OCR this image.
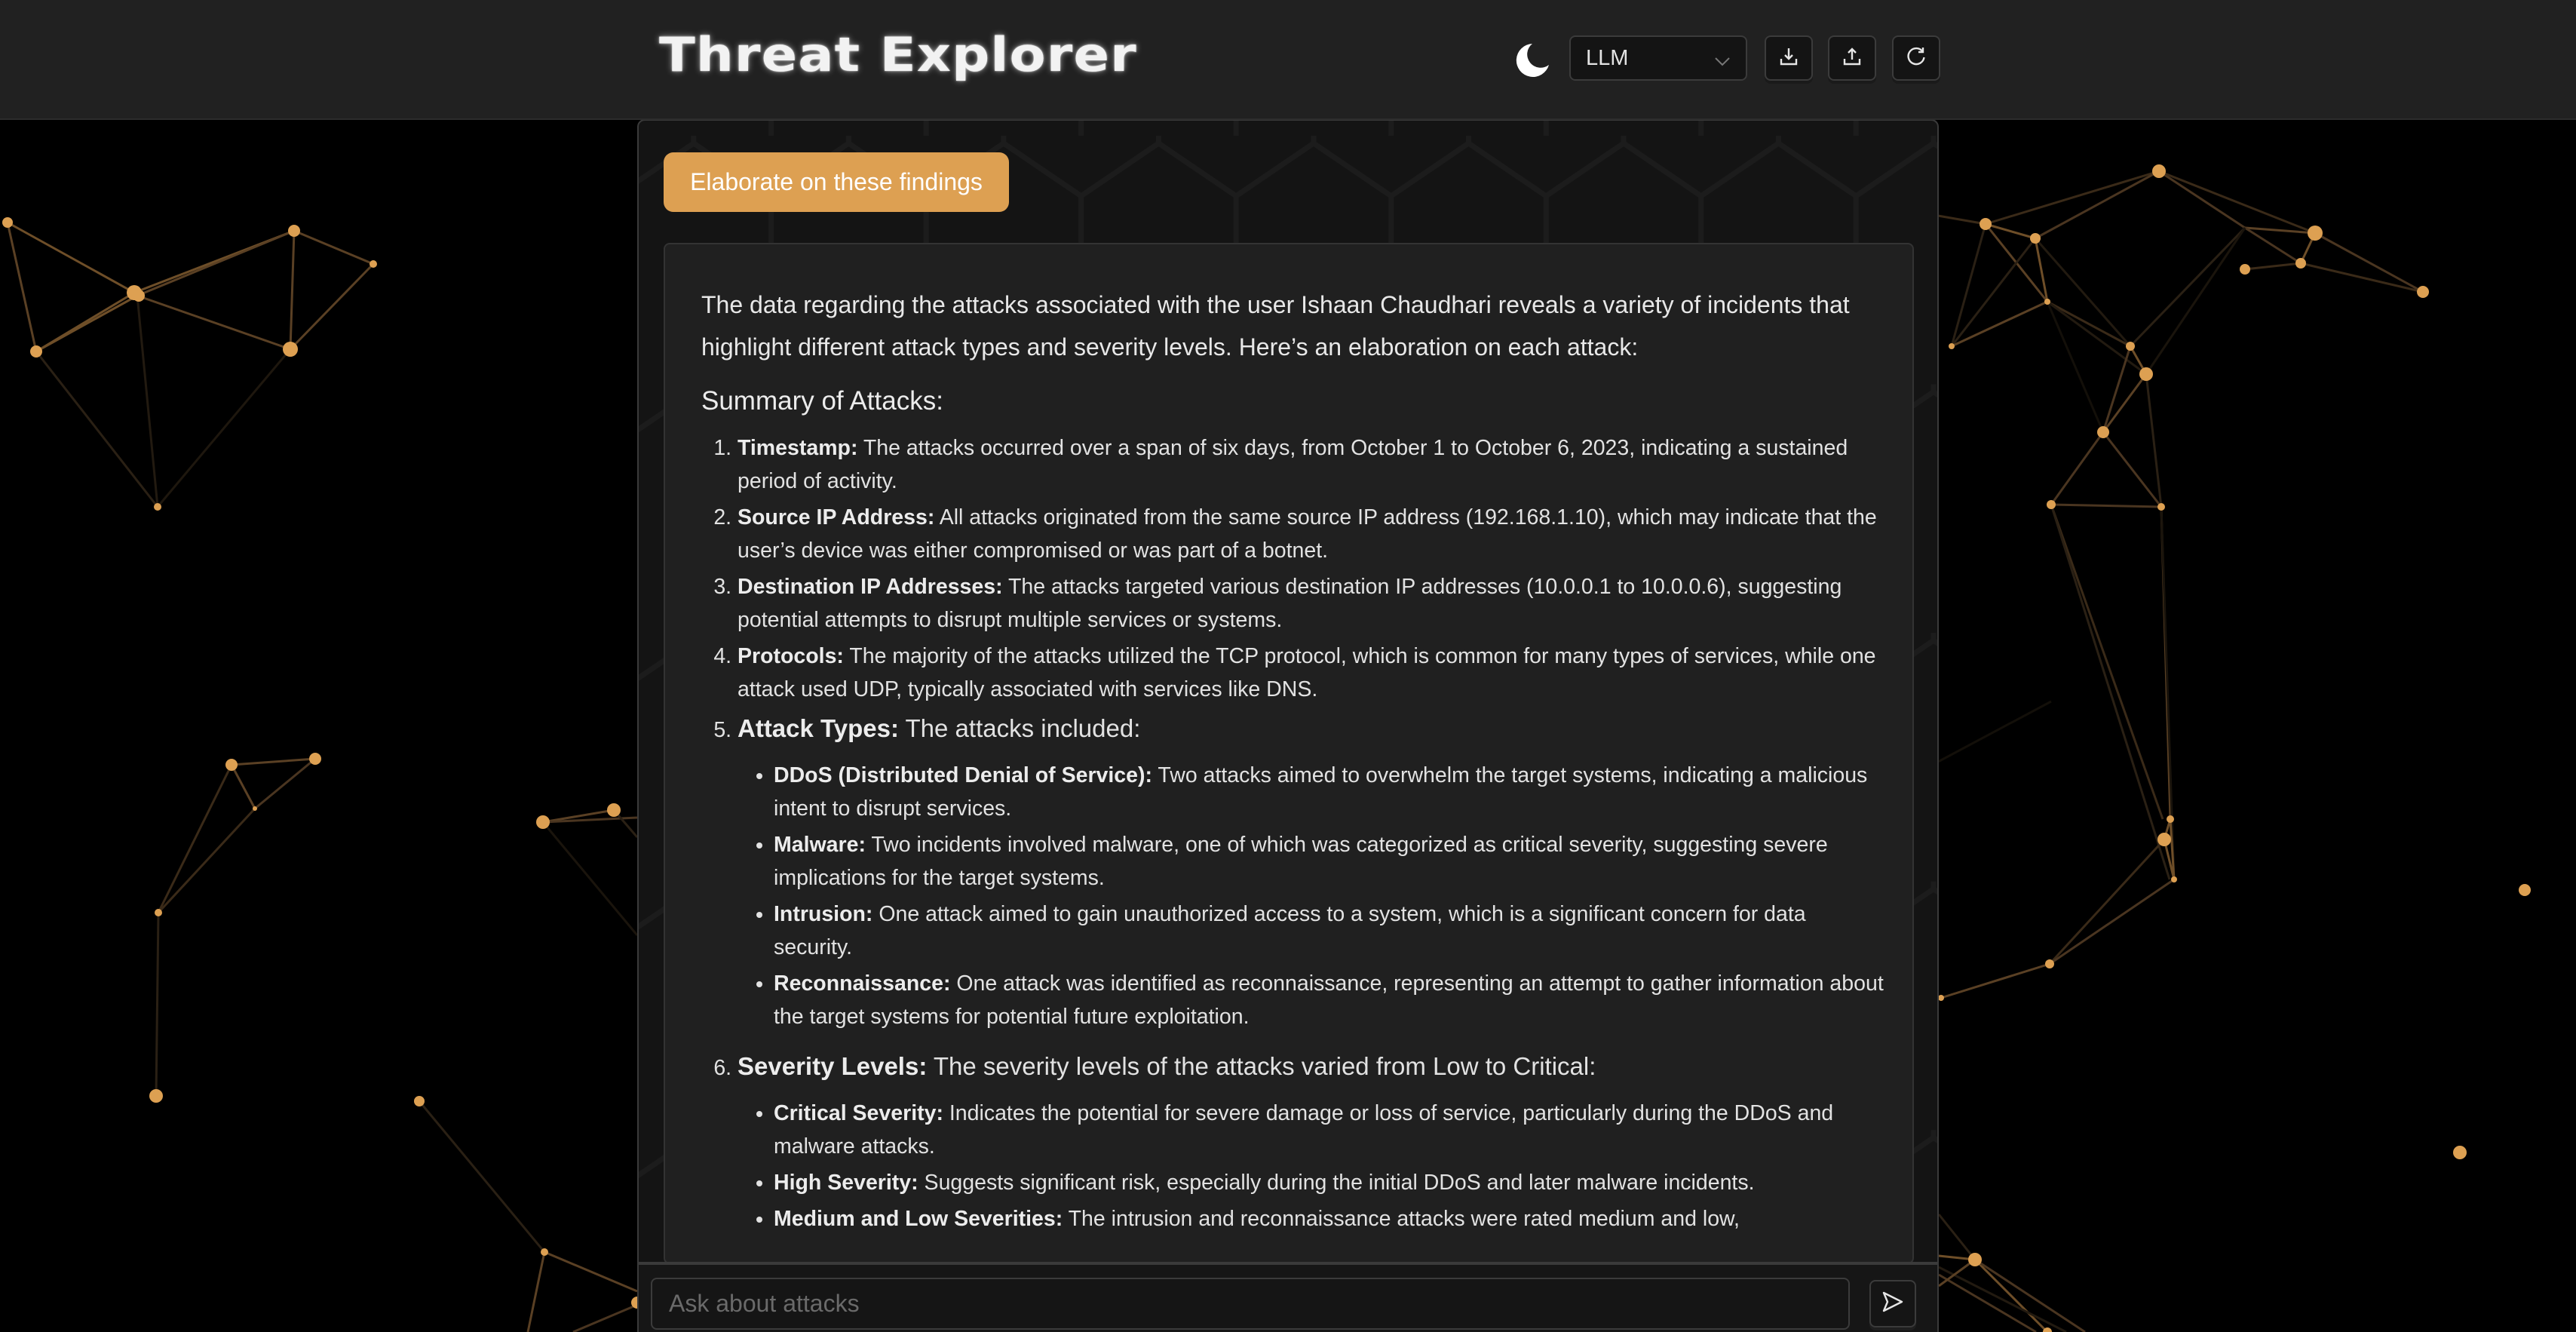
Threat Explorer	LLM
Elaborate on these findings

The data regarding the attacks associated with the user Ishaan Chaudhari reveals a variety of incidents that highlight different attack types and severity levels. Here’s an elaboration on each attack:

Summary of Attacks:
1. Timestamp: The attacks occurred over a span of six days, from October 1 to October 6, 2023, indicating a sustained period of activity.
2. Source IP Address: All attacks originated from the same source IP address (192.168.1.10), which may indicate that the user’s device was either compromised or was part of a botnet.
3. Destination IP Addresses: The attacks targeted various destination IP addresses (10.0.0.1 to 10.0.0.6), suggesting potential attempts to disrupt multiple services or systems.
4. Protocols: The majority of the attacks utilized the TCP protocol, which is common for many types of services, while one attack used UDP, typically associated with services like DNS.
5. Attack Types: The attacks included:
• DDoS (Distributed Denial of Service): Two attacks aimed to overwhelm the target systems, indicating a malicious intent to disrupt services.
• Malware: Two incidents involved malware, one of which was categorized as critical severity, suggesting severe implications for the target systems.
• Intrusion: One attack aimed to gain unauthorized access to a system, which is a significant concern for data security.
• Reconnaissance: One attack was identified as reconnaissance, representing an attempt to gather information about the target systems for potential future exploitation.
6. Severity Levels: The severity levels of the attacks varied from Low to Critical:
• Critical Severity: Indicates the potential for severe damage or loss of service, particularly during the DDoS and malware attacks.
• High Severity: Suggests significant risk, especially during the initial DDoS and later malware incidents.
• Medium and Low Severities: The intrusion and reconnaissance attacks were rated medium and low,
Ask about attacks
